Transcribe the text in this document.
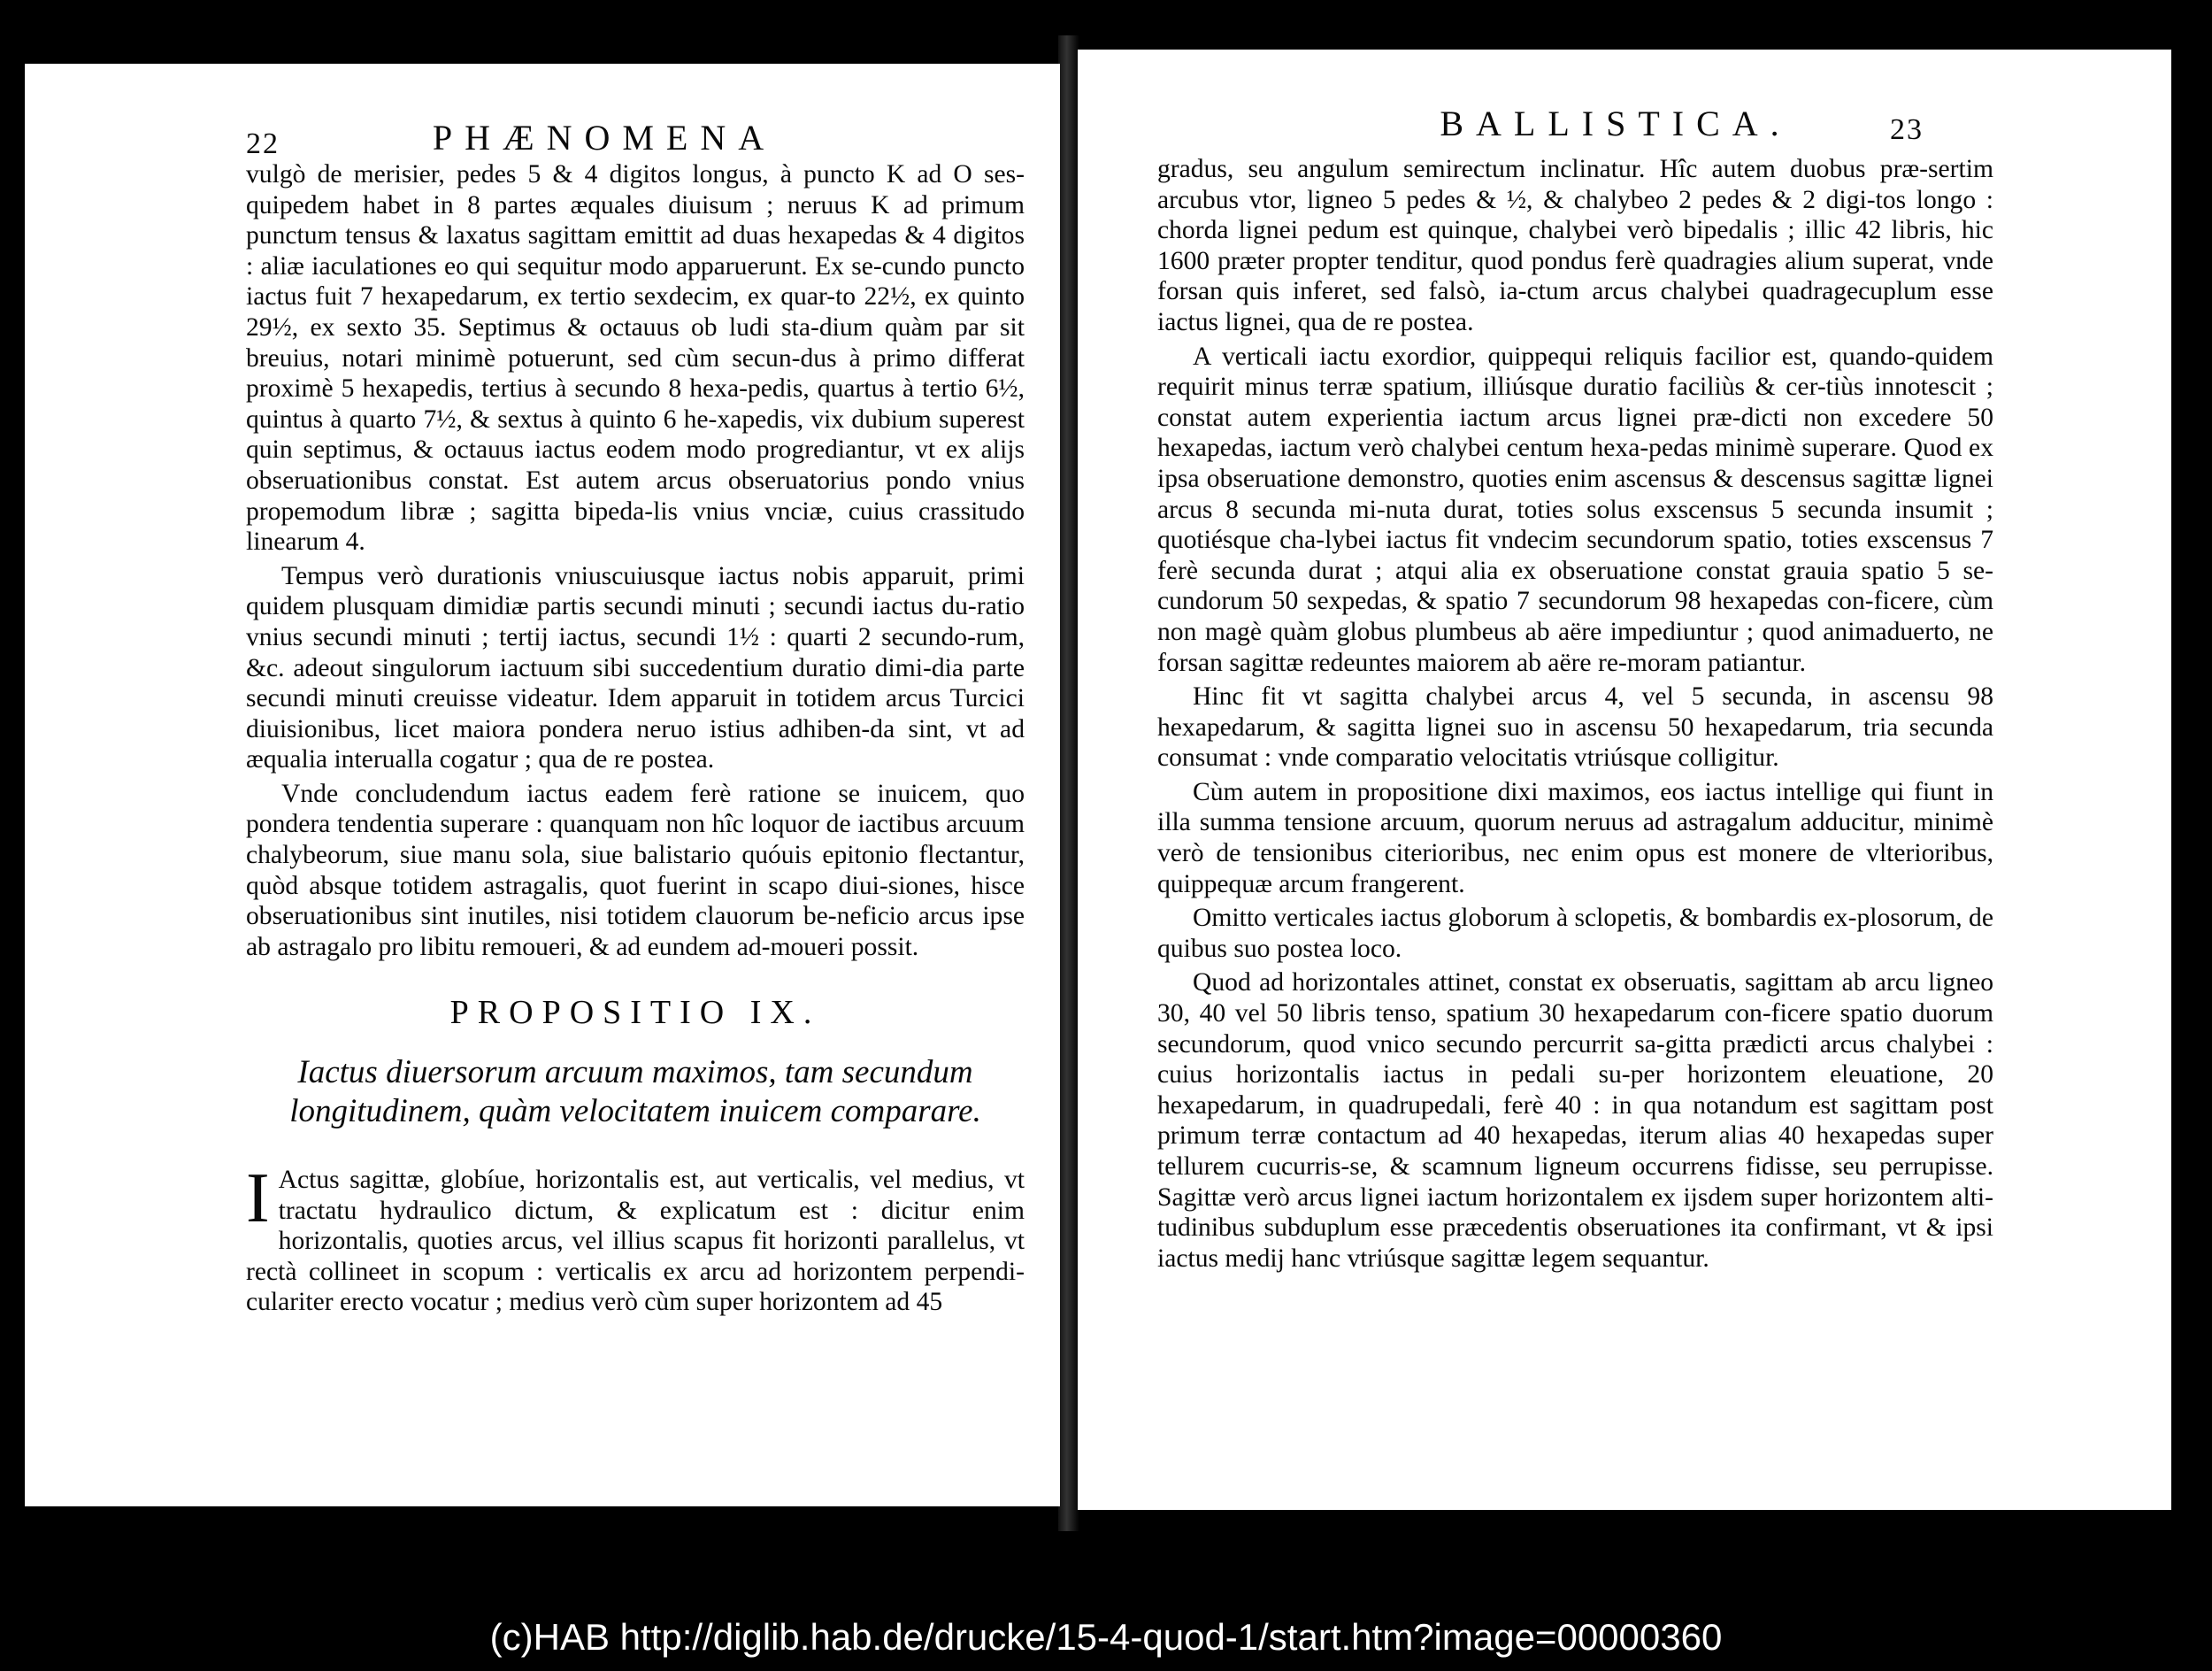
22	PHÆNOMENA

vulgò de merisier, pedes 5 & 4 digitos longus, à puncto K ad O ses-quipedem habet in 8 partes æquales diuisum ; neruus K ad primum punctum tensus & laxatus sagittam emittit ad duas hexapedas & 4 digitos : aliæ iaculationes eo qui sequitur modo apparuerunt. Ex se-cundo puncto iactus fuit 7 hexapedarum, ex tertio sexdecim, ex quar-to 22½, ex quinto 29½, ex sexto 35. Septimus & octauus ob ludi sta-dium quàm par sit breuius, notari minimè potuerunt, sed cùm secun-dus à primo differat proximè 5 hexapedis, tertius à secundo 8 hexa-pedis, quartus à tertio 6½, quintus à quarto 7½, & sextus à quinto 6 he-xapedis, vix dubium superest quin septimus, & octauus iactus eodem modo progrediantur, vt ex alijs obseruationibus constat. Est autem arcus obseruatorius pondo vnius propemodum libræ ; sagitta bipeda-lis vnius vnciæ, cuius crassitudo linearum 4.

Tempus verò durationis vniuscuiusque iactus nobis apparuit, primi quidem plusquam dimidiæ partis secundi minuti ; secundi iactus du-ratio vnius secundi minuti ; tertij iactus, secundi 1½ : quarti 2 secundo-rum, &c. adeout singulorum iactuum sibi succedentium duratio dimi-dia parte secundi minuti creuisse videatur. Idem apparuit in totidem arcus Turcici diuisionibus, licet maiora pondera neruo istius adhiben-da sint, vt ad æqualia interualla cogatur ; qua de re postea.

Vnde concludendum iactus eadem ferè ratione se inuicem, quo pondera tendentia superare : quanquam non hîc loquor de iactibus arcuum chalybeorum, siue manu sola, siue balistario quóuis epitonio flectantur, quòd absque totidem astragalis, quot fuerint in scapo diui-siones, hisce obseruationibus sint inutiles, nisi totidem clauorum be-neficio arcus ipse ab astragalo pro libitu remoueri, & ad eundem ad-moueri possit.

PROPOSITIO IX.
Iactus diuersorum arcuum maximos, tam secundum longitudinem, quàm velocitatem inuicem comparare.

I Actus sagittæ, globíue, horizontalis est, aut verticalis, vel medius, vt tractatu hydraulico dictum, & explicatum est : dicitur enim horizontalis, quoties arcus, vel illius scapus fit horizonti parallelus, vt rectà collineet in scopum : verticalis ex arcu ad horizontem perpendi-culariter erecto vocatur ; medius verò cùm super horizontem ad 45

BALLISTICA.	23

gradus, seu angulum semirectum inclinatur. Hîc autem duobus præ-sertim arcubus vtor, ligneo 5 pedes & ½, & chalybeo 2 pedes & 2 digi-tos longo : chorda lignei pedum est quinque, chalybei verò bipedalis ; illic 42 libris, hic 1600 præter propter tenditur, quod pondus ferè quadragies alium superat, vnde forsan quis inferet, sed falsò, ia-ctum arcus chalybei quadragecuplum esse iactus lignei, qua de re postea.

A verticali iactu exordior, quippequi reliquis facilior est, quando-quidem requirit minus terræ spatium, illiúsque duratio faciliùs & cer-tiùs innotescit ; constat autem experientia iactum arcus lignei præ-dicti non excedere 50 hexapedas, iactum verò chalybei centum hexa-pedas minimè superare. Quod ex ipsa obseruatione demonstro, quoties enim ascensus & descensus sagittæ lignei arcus 8 secunda mi-nuta durat, toties solus exscensus 5 secunda insumit ; quotiésque cha-lybei iactus fit vndecim secundorum spatio, toties exscensus 7 ferè secunda durat ; atqui alia ex obseruatione constat grauia spatio 5 se-cundorum 50 sexpedas, & spatio 7 secundorum 98 hexapedas con-ficere, cùm non magè quàm globus plumbeus ab aëre impediuntur ; quod animaduerto, ne forsan sagittæ redeuntes maiorem ab aëre re-moram patiantur.

Hinc fit vt sagitta chalybei arcus 4, vel 5 secunda, in ascensu 98 hexapedarum, & sagitta lignei suo in ascensu 50 hexapedarum, tria secunda consumat : vnde comparatio velocitatis vtriúsque colligitur.

Cùm autem in propositione dixi maximos, eos iactus intellige qui fiunt in illa summa tensione arcuum, quorum neruus ad astragalum adducitur, minimè verò de tensionibus citerioribus, nec enim opus est monere de vlterioribus, quippequæ arcum frangerent.

Omitto verticales iactus globorum à sclopetis, & bombardis ex-plosorum, de quibus suo postea loco.

Quod ad horizontales attinet, constat ex obseruatis, sagittam ab arcu ligneo 30, 40 vel 50 libris tenso, spatium 30 hexapedarum con-ficere spatio duorum secundorum, quod vnico secundo percurrit sa-gitta prædicti arcus chalybei : cuius horizontalis iactus in pedali su-per horizontem eleuatione, 20 hexapedarum, in quadrupedali, ferè 40 : in qua notandum est sagittam post primum terræ contactum ad 40 hexapedas, iterum alias 40 hexapedas super tellurem cucurris-se, & scamnum ligneum occurrens fidisse, seu perrupisse. Sagittæ verò arcus lignei iactum horizontalem ex ijsdem super horizontem alti-tudinibus subduplum esse præcedentis obseruationes ita confirmant, vt & ipsi iactus medij hanc vtriúsque sagittæ legem sequantur.

(c)HAB http://diglib.hab.de/drucke/15-4-quod-1/start.htm?image=00000360
